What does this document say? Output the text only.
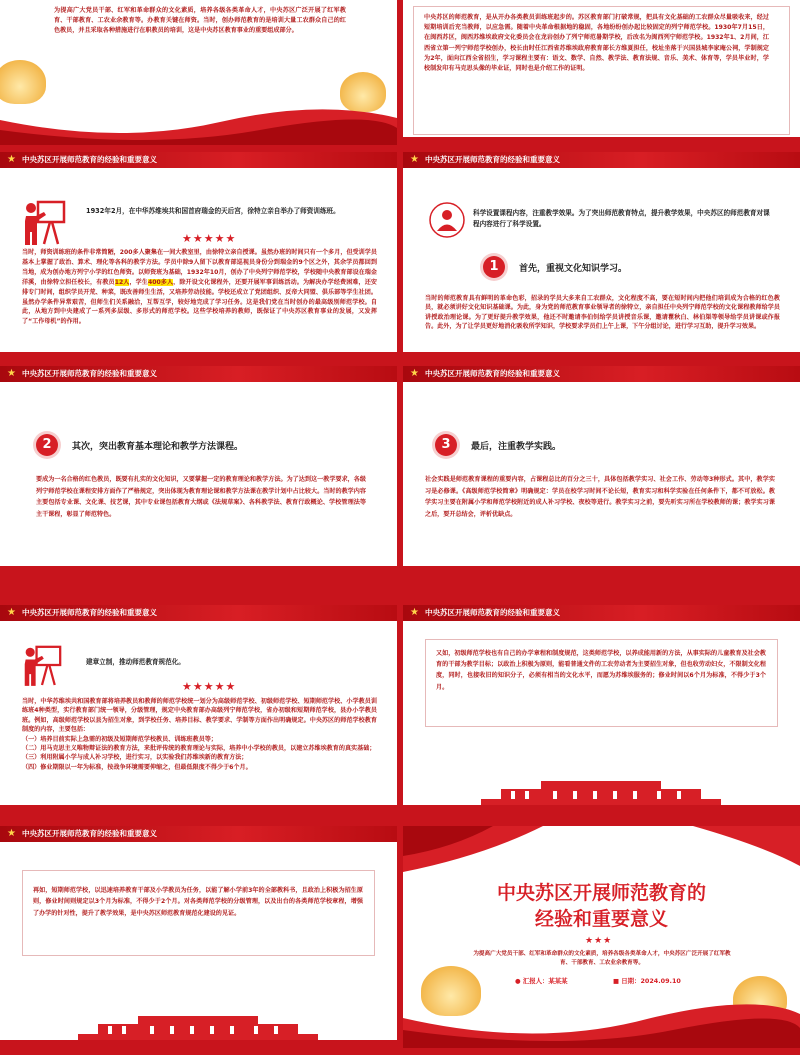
为提高广大党员干部、红军和革命群众的文化素质，培养各级各类革命人才，中央苏区广泛开展了红军教育、干部教育、工农业余教育等。办教育关键在师资。当时，创办师范教育的是培训大量工农群众自己的红色教员，并且采取各种措施进行在职教员的培训，这是中央苏区教育事业的重要组成部分。
中央苏区的师范教育，是从开办各类教员训练班起步的。苏区教育部门打破常规，把具有文化基础的工农群众尽量吸收来，经过短期培训后充当教师，以应急需。随着中央革命根据地的稳固，各地纷纷创办起比较固定的列宁师范学校。1930年7月15日，在闽西苏区，闽西苏维埃政府文化委员会在龙岩创办了列宁师范暑期学校，后改名为闽西列宁师范学校。1932年1、2月间，江西省立第一列宁师范学校创办，校长由时任江西省苏维埃政府教育部长方维夏担任，校址坐落于兴国县城李家庵公祠，学制规定为2年，面向江西全省招生，学习课程主要有：语文、数学、自然、教学法、教育法规、音乐、美术、体育等，学员毕业时，学校制发印有马克思头像的毕业证，同时也是介绍工作的证明。
★ 中央苏区开展师范教育的经验和重要意义
1932年2月，在中华苏维埃共和国首府瑞金的天后宫，徐特立亲自举办了师资训练班。
★★★★★
当时，师资训练班的条件非常简陋，200多人聚集在一间大教室里，由徐特立亲自授课。虽然办班的时间只有一个多月，但受训学员基本上掌握了政治、算术、理化等各科的教学方法。学员中除9人留下以教育部巡视员身份分到瑞金的9个区之外，其余学员都回到当地，成为创办地方列宁小学的红色师资。以师资班为基础，1932年10月，创办了中央列宁师范学校，学校随中央教育部设在瑞金洋溪，由徐特立担任校长，有教员12人，学生400多人，除开设文化课程外，还要开展军事训练活动。为解决办学经费困难，还安排专门时间，组织学员开荒、种菜，既改善师生生活，又培养劳动技能。学校还成立了党团组织、反帝大同盟、俱乐部等学生社团。虽然办学条件异常艰苦，但师生们关系融洽，互帮互学，较好地完成了学习任务。这是我们党在当时创办的最高级别师范学校。自此，从地方到中央建成了一系列多层级、多形式的师范学校。这些学校培养的教师，既保证了中央苏区教育事业的发展，又发挥了“工作母机”的作用。
★ 中央苏区开展师范教育的经验和重要意义
科学设置课程内容，注重教学效果。为了突出师范教育特点，提升教学效果，中央苏区的师范教育对课程内容进行了科学设置。
1	首先，重视文化知识学习。
当时的师范教育具有鲜明的革命色彩，招录的学员大多来自工农群众，文化程度不高，要在短时间内把他们培训成为合格的红色教员，就必须讲好文化知识基础课。为此，身为党的师范教育事业领导者的徐特立，亲自担任中央列宁师范学校的文化课程教师给学员讲授政治理论课。为了更好提升教学效果，他还不时邀请李伯钊给学员讲授音乐课，邀请瞿秋白、林伯渠等领导给学员讲课或作报告。此外，为了让学员更好地消化吸收所学知识，学校要求学员们上午上课，下午分组讨论，进行学习互助，提升学习效果。
★ 中央苏区开展师范教育的经验和重要意义
2	其次，突出教育基本理论和教学方法课程。
要成为一名合格的红色教员，既要有扎实的文化知识，又要掌握一定的教育理论和教学方法。为了达到这一教学要求，各级列宁师范学校在课程安排方面作了严格规定，突出体现为教育理论课和教学方法课在教学计划中占比较大。当时的教学内容主要包括专业课、文化课、技艺课，其中专业课包括教育大纲或《法规草案》、各科教学法、教育行政概论、学校管理法等主干课程，彰显了师范特色。
★ 中央苏区开展师范教育的经验和重要意义
3	最后，注重教学实践。
社会实践是师范教育课程的重要内容，占课程总比的百分之三十，具体包括教学实习、社会工作、劳动等3种形式。其中，教学实习是必修课。《高级师范学校简章》明确规定：学员在校学习时间不论长短，教育实习和科学实验在任何条件下，都不可放松。教学实习主要在附属小学和师范学校附近的成人补习学校、夜校等进行。教学实习之前，要先听实习所在学校教师的课；教学实习课之后，要开总结会，评析优缺点。
★ 中央苏区开展师范教育的经验和重要意义
建章立制，推动师范教育规范化。
★★★★★
当时，中华苏维埃共和国教育部将培养教员和教师的师范学校统一划分为高级师范学校、初级师范学校、短期师范学校、小学教员训练班4种类型，实行教育部门统一领导，分级管理，规定中央教育部办高级列宁师范学校，省办初级和短期师范学校，县办小学教员班。例如，高级师范学校以县为招生对象，到学校任务、培养目标、教学要求、学制等方面作出明确规定。中央苏区的师范学校教育制度的内容，主要包括：
（一）培养目前实际上急需的初级及短期师范学校教员、训练班教员等；
（二）用马克思主义唯物辩证法的教育方法，来批评传统的教育理论与实际，培养中小学校的教员，以建立苏维埃教育的真实基础；
（三）利用附属小学与成人补习学校，进行实习，以实验我们苏维埃新的教育方法；
（四）修业期限以一年为标准，按战争环境需要伸缩之，但最低限度不得少于6个月。
★ 中央苏区开展师范教育的经验和重要意义
又如，初级师范学校也有自己的办学章程和制度规范，这类师范学校，以养成能用新的方法，从事实际的儿童教育及社会教育的干部为教学目标；以政治上积极为原则，能看普通文件的工农劳动者为主要招生对象，但也收劳动妇女，不限制文化程度，同时，也接收旧的知识分子，必须有相当的文化水平，而愿为苏维埃服务的；修业时间以6个月为标准，不得少于3个月。
★ 中央苏区开展师范教育的经验和重要意义
再如，短期师范学校，以迅速培养教育干部及小学教员为任务，以能了解小学前3年的全部教科书，且政治上积极为招生原则，修业时间则规定以3个月为标准，不得少于2个月。对各类师范学校的分级管理，以及出台的各类师范学校章程，增强了办学的针对性，提升了教学效果，是中央苏区师范教育规范化建设的见证。
中央苏区开展师范教育的
经验和重要意义
★★★
为提高广大党员干部、红军和革命群众的文化素质，培养各级各类革命人才，中央苏区广泛开展了红军教育、干部教育、工农业余教育等。
● 汇报人：某某某	■ 日期：2024.09.10
